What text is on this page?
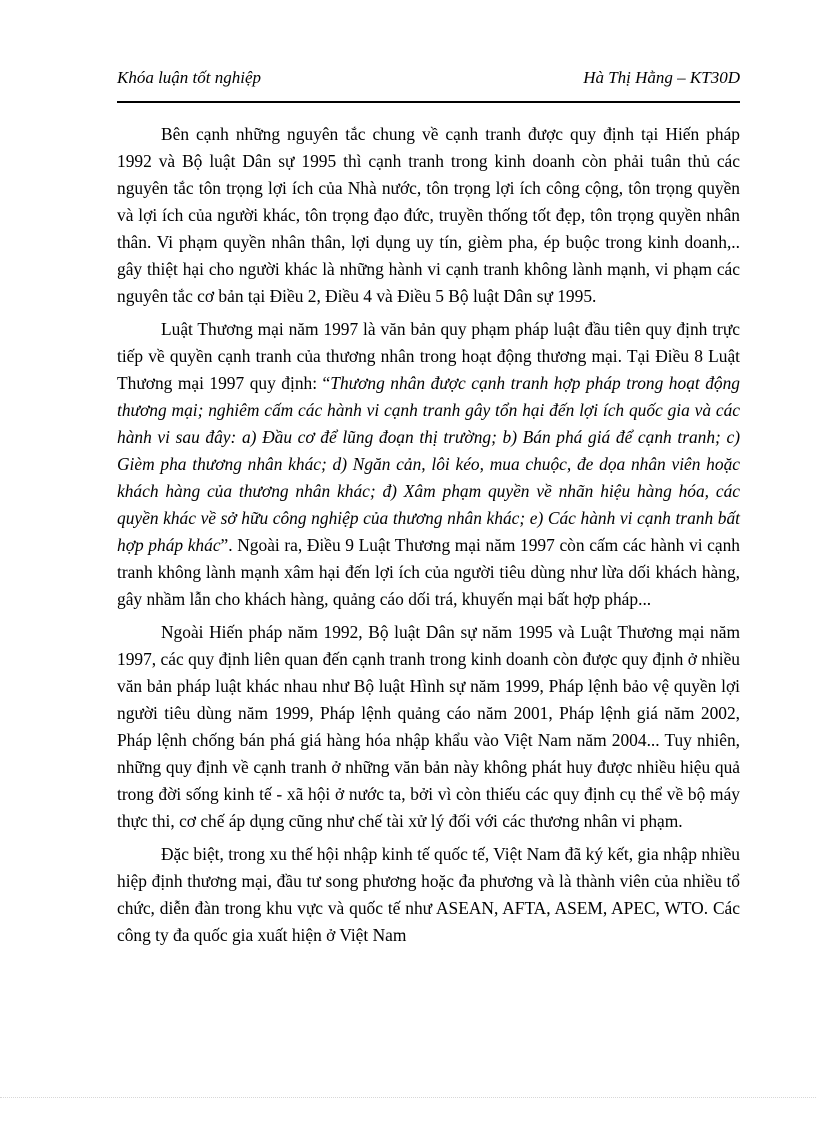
Khóa luận tốt nghiệp	Hà Thị Hằng – KT30D

Bên cạnh những nguyên tắc chung về cạnh tranh được quy định tại Hiến pháp 1992 và Bộ luật Dân sự 1995 thì cạnh tranh trong kinh doanh còn phải tuân thủ các nguyên tắc tôn trọng lợi ích của Nhà nước, tôn trọng lợi ích công cộng, tôn trọng quyền và lợi ích của người khác, tôn trọng đạo đức, truyền thống tốt đẹp, tôn trọng quyền nhân thân. Vi phạm quyền nhân thân, lợi dụng uy tín, gièm pha, ép buộc trong kinh doanh,.. gây thiệt hại cho người khác là những hành vi cạnh tranh không lành mạnh, vi phạm các nguyên tắc cơ bản tại Điều 2, Điều 4 và Điều 5 Bộ luật Dân sự 1995.

Luật Thương mại năm 1997 là văn bản quy phạm pháp luật đầu tiên quy định trực tiếp về quyền cạnh tranh của thương nhân trong hoạt động thương mại. Tại Điều 8 Luật Thương mại 1997 quy định: “Thương nhân được cạnh tranh hợp pháp trong hoạt động thương mại; nghiêm cấm các hành vi cạnh tranh gây tổn hại đến lợi ích quốc gia và các hành vi sau đây: a) Đầu cơ để lũng đoạn thị trường; b) Bán phá giá để cạnh tranh; c) Gièm pha thương nhân khác; d) Ngăn cản, lôi kéo, mua chuộc, đe dọa nhân viên hoặc khách hàng của thương nhân khác; đ) Xâm phạm quyền về nhãn hiệu hàng hóa, các quyền khác về sở hữu công nghiệp của thương nhân khác; e) Các hành vi cạnh tranh bất hợp pháp khác”. Ngoài ra, Điều 9 Luật Thương mại năm 1997 còn cấm các hành vi cạnh tranh không lành mạnh xâm hại đến lợi ích của người tiêu dùng như lừa dối khách hàng, gây nhầm lẫn cho khách hàng, quảng cáo dối trá, khuyến mại bất hợp pháp...

Ngoài Hiến pháp năm 1992, Bộ luật Dân sự năm 1995 và Luật Thương mại năm 1997, các quy định liên quan đến cạnh tranh trong kinh doanh còn được quy định ở nhiều văn bản pháp luật khác nhau như Bộ luật Hình sự năm 1999, Pháp lệnh bảo vệ quyền lợi người tiêu dùng năm 1999, Pháp lệnh quảng cáo năm 2001, Pháp lệnh giá năm 2002, Pháp lệnh chống bán phá giá hàng hóa nhập khẩu vào Việt Nam năm 2004... Tuy nhiên, những quy định về cạnh tranh ở những văn bản này không phát huy được nhiều hiệu quả trong đời sống kinh tế - xã hội ở nước ta, bởi vì còn thiếu các quy định cụ thể về bộ máy thực thi, cơ chế áp dụng cũng như chế tài xử lý đối với các thương nhân vi phạm.

Đặc biệt, trong xu thế hội nhập kinh tế quốc tế, Việt Nam đã ký kết, gia nhập nhiều hiệp định thương mại, đầu tư song phương hoặc đa phương và là thành viên của nhiều tổ chức, diễn đàn trong khu vực và quốc tế như ASEAN, AFTA, ASEM, APEC, WTO. Các công ty đa quốc gia xuất hiện ở Việt Nam
